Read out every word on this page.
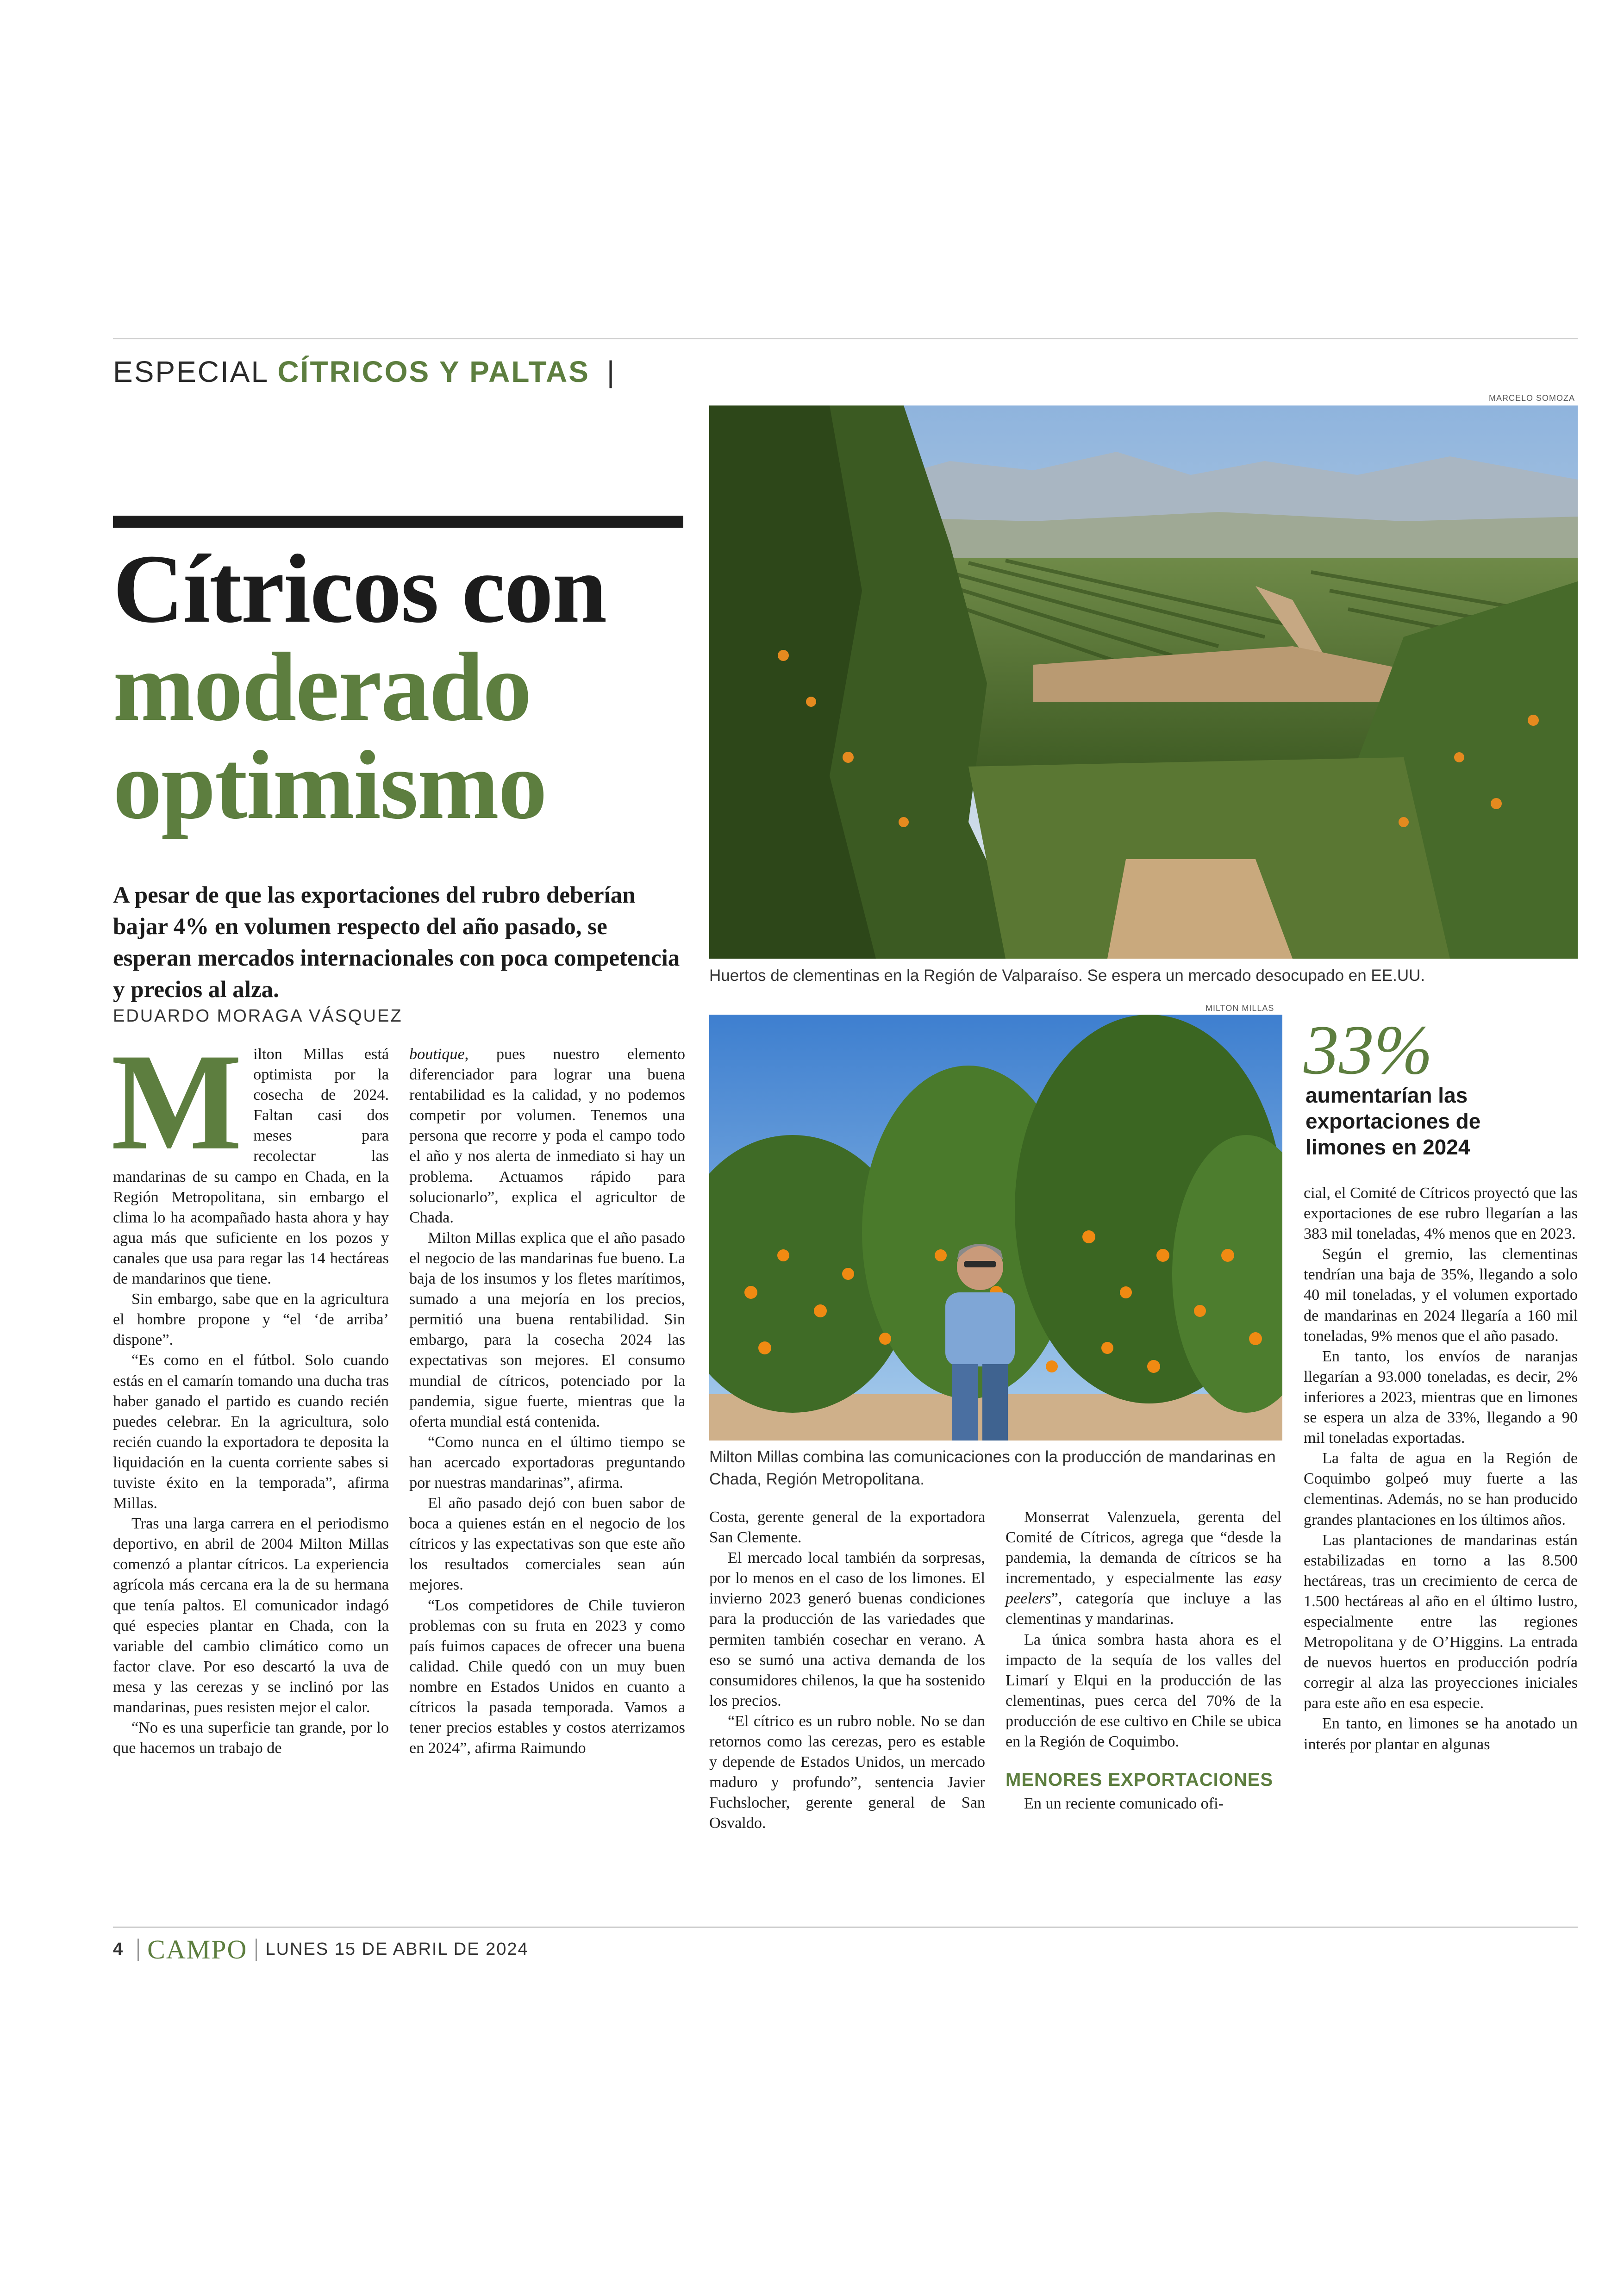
ESPECIAL CÍTRICOS Y PALTAS |
Cítricos con
moderado
optimismo
A pesar de que las exportaciones del rubro deberían bajar 4% en volumen respecto del año pasado, se esperan mercados internacionales con poca competencia y precios al alza.
EDUARDO MORAGA VÁSQUEZ
MARCELO SOMOZA
Huertos de clementinas en la Región de Valparaíso. Se espera un mercado desocupado en EE.UU.
MILTON MILLAS
Milton Millas combina las comunicaciones con la producción de mandarinas en Chada, Región Metropolitana.
33%
aumentarían las exportaciones de limones en 2024

Milton Millas está optimista por la cosecha de 2024. Faltan casi dos meses para recolectar las mandarinas de su campo en Chada, en la Región Metropolitana, sin embargo el clima lo ha acompañado hasta ahora y hay agua más que suficiente en los pozos y canales que usa para regar las 14 hectáreas de mandarinos que tiene.

Sin embargo, sabe que en la agricultura el hombre propone y “el ‘de arriba’ dispone”.

“Es como en el fútbol. Solo cuando estás en el camarín tomando una ducha tras haber ganado el partido es cuando recién puedes celebrar. En la agricultura, solo recién cuando la exportadora te deposita la liquidación en la cuenta corriente sabes si tuviste éxito en la temporada”, afirma Millas.

Tras una larga carrera en el periodismo deportivo, en abril de 2004 Milton Millas comenzó a plantar cítricos. La experiencia agrícola más cercana era la de su hermana que tenía paltos. El comunicador indagó qué especies plantar en Chada, con la variable del cambio climático como un factor clave. Por eso descartó la uva de mesa y las cerezas y se inclinó por las mandarinas, pues resisten mejor el calor.

“No es una superficie tan grande, por lo que hacemos un trabajo de

boutique, pues nuestro elemento diferenciador para lograr una buena rentabilidad es la calidad, y no podemos competir por volumen. Tenemos una persona que recorre y poda el campo todo el año y nos alerta de inmediato si hay un problema. Actuamos rápido para solucionarlo”, explica el agricultor de Chada.

Milton Millas explica que el año pasado el negocio de las mandarinas fue bueno. La baja de los insumos y los fletes marítimos, sumado a una mejoría en los precios, permitió una buena rentabilidad. Sin embargo, para la cosecha 2024 las expectativas son mejores. El consumo mundial de cítricos, potenciado por la pandemia, sigue fuerte, mientras que la oferta mundial está contenida.

“Como nunca en el último tiempo se han acercado exportadoras preguntando por nuestras mandarinas”, afirma.

El año pasado dejó con buen sabor de boca a quienes están en el negocio de los cítricos y las expectativas son que este año los resultados comerciales sean aún mejores.

“Los competidores de Chile tuvieron problemas con su fruta en 2023 y como país fuimos capaces de ofrecer una buena calidad. Chile quedó con un muy buen nombre en Estados Unidos en cuanto a cítricos la pasada temporada. Vamos a tener precios estables y costos aterrizamos en 2024”, afirma Raimundo

Costa, gerente general de la exportadora San Clemente.

El mercado local también da sorpresas, por lo menos en el caso de los limones. El invierno 2023 generó buenas condiciones para la producción de las variedades que permiten también cosechar en verano. A eso se sumó una activa demanda de los consumidores chilenos, la que ha sostenido los precios.

“El cítrico es un rubro noble. No se dan retornos como las cerezas, pero es estable y depende de Estados Unidos, un mercado maduro y profundo”, sentencia Javier Fuchslocher, gerente general de San Osvaldo.

Monserrat Valenzuela, gerenta del Comité de Cítricos, agrega que “desde la pandemia, la demanda de cítricos se ha incrementado, y especialmente las easy peelers”, categoría que incluye a las clementinas y mandarinas.

La única sombra hasta ahora es el impacto de la sequía de los valles del Limarí y Elqui en la producción de las clementinas, pues cerca del 70% de la producción de ese cultivo en Chile se ubica en la Región de Coquimbo.

MENORES EXPORTACIONES

En un reciente comunicado ofi-

cial, el Comité de Cítricos proyectó que las exportaciones de ese rubro llegarían a las 383 mil toneladas, 4% menos que en 2023.

Según el gremio, las clementinas tendrían una baja de 35%, llegando a solo 40 mil toneladas, y el volumen exportado de mandarinas en 2024 llegaría a 160 mil toneladas, 9% menos que el año pasado.

En tanto, los envíos de naranjas llegarían a 93.000 toneladas, es decir, 2% inferiores a 2023, mientras que en limones se espera un alza de 33%, llegando a 90 mil toneladas exportadas.

La falta de agua en la Región de Coquimbo golpeó muy fuerte a las clementinas. Además, no se han producido grandes plantaciones en los últimos años.

Las plantaciones de mandarinas están estabilizadas en torno a las 8.500 hectáreas, tras un crecimiento de cerca de 1.500 hectáreas al año en el último lustro, especialmente entre las regiones Metropolitana y de O’Higgins. La entrada de nuevos huertos en producción podría corregir al alza las proyecciones iniciales para este año en esa especie.

En tanto, en limones se ha anotado un interés por plantar en algunas

4 CAMPO LUNES 15 DE ABRIL DE 2024
